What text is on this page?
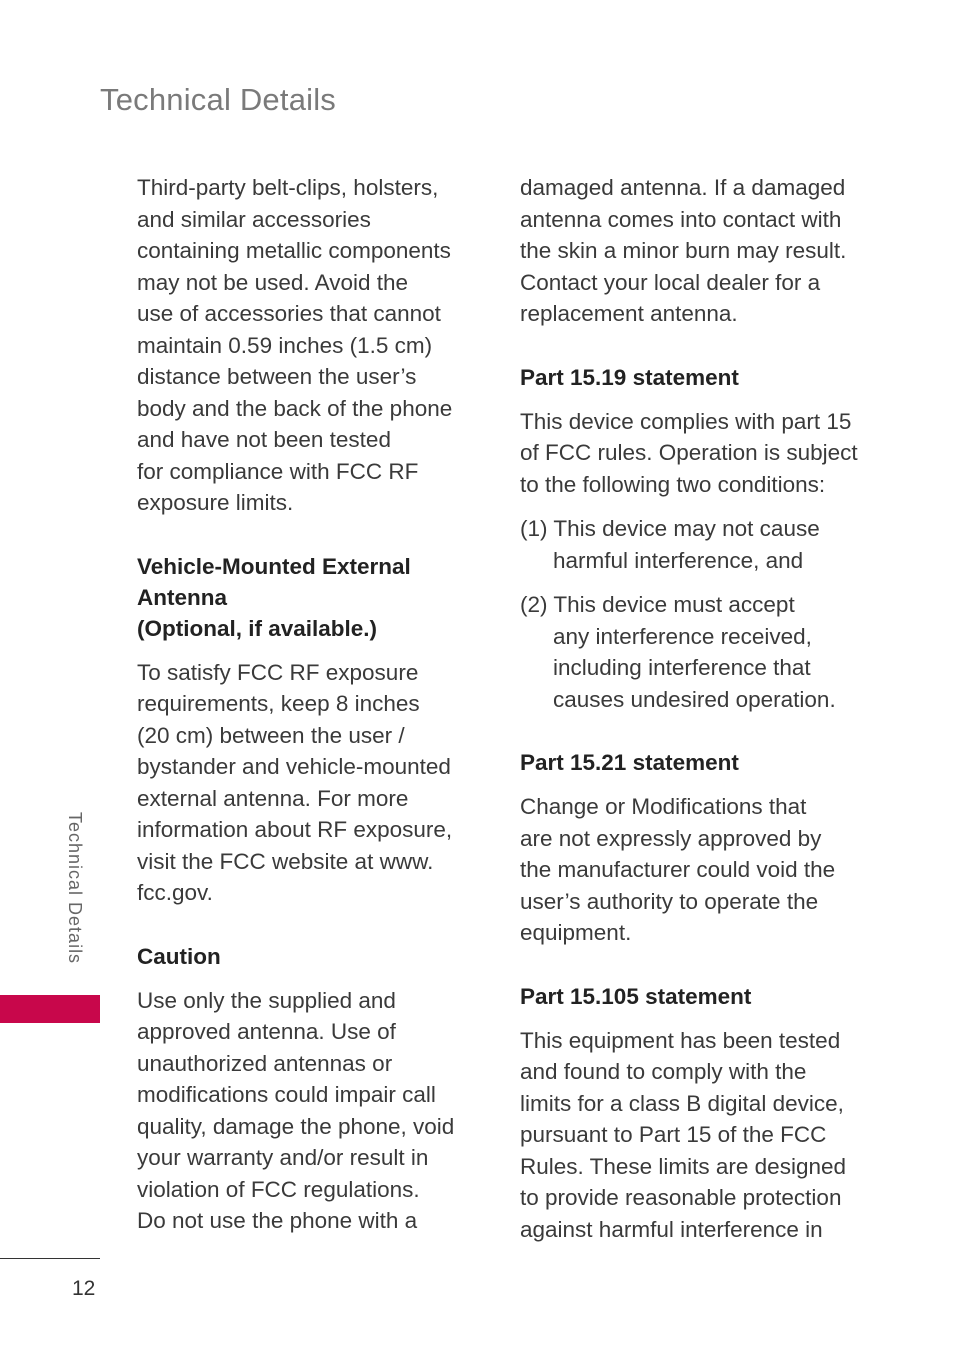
Technical Details

Third-party belt-clips, holsters,
and similar accessories
containing metallic components
may not be used. Avoid the
use of accessories that cannot
maintain 0.59 inches (1.5 cm)
distance between the user’s
body and the back of the phone
and have not been tested
for compliance with FCC RF
exposure limits.

Vehicle-Mounted External
Antenna
(Optional, if available.)

To satisfy FCC RF exposure
requirements, keep 8 inches
(20 cm) between the user /
bystander and vehicle-mounted
external antenna. For more
information about RF exposure,
visit the FCC website at www.
fcc.gov.

Caution

Use only the supplied and
approved antenna. Use of
unauthorized antennas or
modifications could impair call
quality, damage the phone, void
your warranty and/or result in
violation of FCC regulations.
Do not use the phone with a

damaged antenna. If a damaged
antenna comes into contact with
the skin a minor burn may result.
Contact your local dealer for a
replacement antenna.

Part 15.19 statement

This device complies with part 15
of FCC rules. Operation is subject
to the following two conditions:

(1) This device may not cause
harmful interference, and
(2) This device must accept
any interference received,
including interference that
causes undesired operation.
Part 15.21 statement

Change or Modifications that
are not expressly approved by
the manufacturer could void the
user’s authority to operate the
equipment.

Part 15.105 statement

This equipment has been tested
and found to comply with the
limits for a class B digital device,
pursuant to Part 15 of the FCC
Rules. These limits are designed
to provide reasonable protection
against harmful interference in

Technical Details
12
